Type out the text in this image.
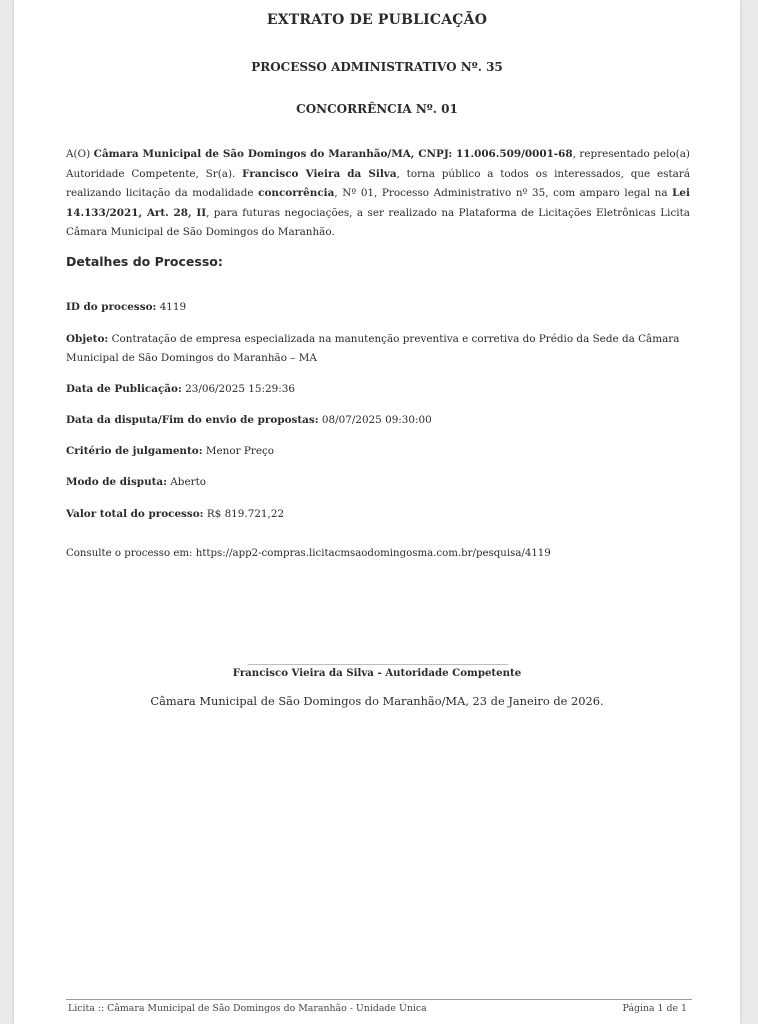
EXTRATO DE PUBLICAÇÃO
PROCESSO ADMINISTRATIVO Nº. 35
CONCORRÊNCIA Nº. 01

A(O) Câmara Municipal de São Domingos do Maranhão/MA, CNPJ: 11.006.509/0001-68, representado pelo(a) Autoridade Competente, Sr(a). Francisco Vieira da Silva, torna público a todos os interessados, que estará realizando licitação da modalidade concorrência, Nº 01, Processo Administrativo nº 35, com amparo legal na Lei 14.133/2021, Art. 28, II, para futuras negociações, a ser realizado na Plataforma de Licitações Eletrônicas Licita Câmara Municipal de São Domingos do Maranhão.

Detalhes do Processo:

ID do processo: 4119

Objeto: Contratação de empresa especializada na manutenção preventiva e corretiva do Prédio da Sede da Câmara Municipal de São Domingos do Maranhão – MA

Data de Publicação: 23/06/2025 15:29:36

Data da disputa/Fim do envio de propostas: 08/07/2025 09:30:00

Critério de julgamento: Menor Preço

Modo de disputa: Aberto

Valor total do processo: R$ 819.721,22

Consulte o processo em: https://app2-compras.licitacmsaodomingosma.com.br/pesquisa/4119
Francisco Vieira da Silva - Autoridade Competente
Câmara Municipal de São Domingos do Maranhão/MA, 23 de Janeiro de 2026.
Licita :: Câmara Municipal de São Domingos do Maranhão - Unidade Única	Página 1 de 1
